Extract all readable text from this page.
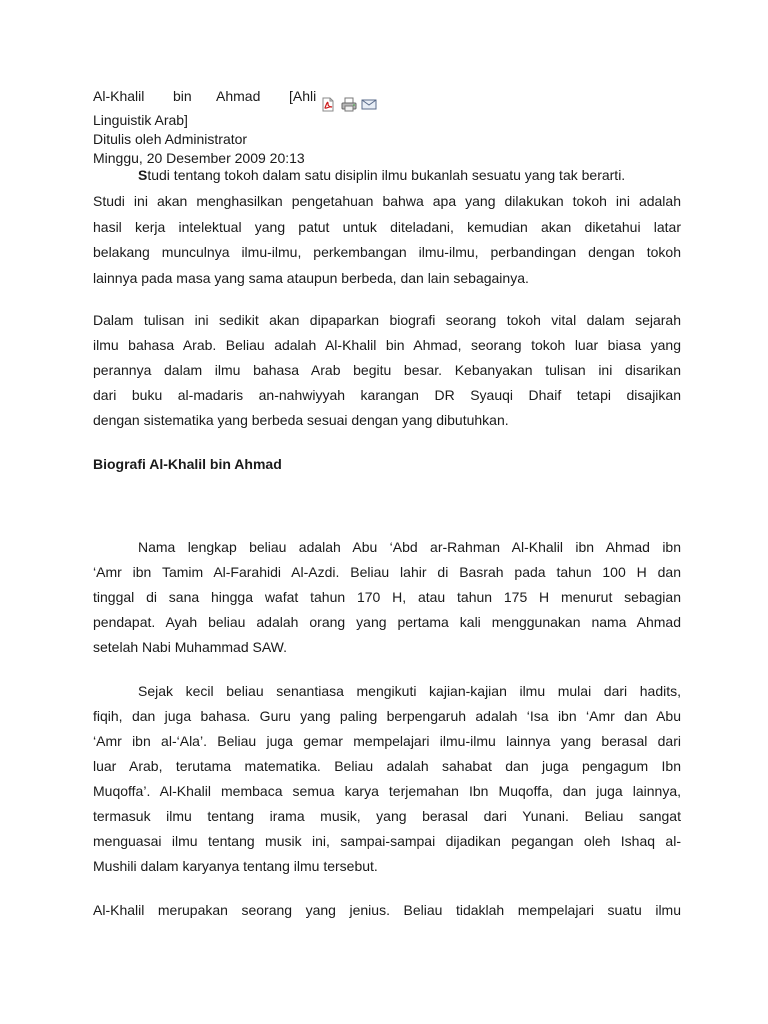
Al-Khalil bin Ahmad [Ahli
Linguistik Arab]
Ditulis oleh Administrator
Minggu, 20 Desember 2009 20:13
Studi tentang tokoh dalam satu disiplin ilmu bukanlah sesuatu yang tak berarti.
Studi ini akan menghasilkan pengetahuan bahwa apa yang dilakukan tokoh ini adalah
hasil kerja intelektual yang patut untuk diteladani, kemudian akan diketahui latar
belakang munculnya ilmu-ilmu, perkembangan ilmu-ilmu, perbandingan dengan tokoh
lainnya pada masa yang sama ataupun berbeda, dan lain sebagainya.
Dalam tulisan ini sedikit akan dipaparkan biografi seorang tokoh vital dalam sejarah
ilmu bahasa Arab. Beliau adalah Al-Khalil bin Ahmad, seorang tokoh luar biasa yang
perannya dalam ilmu bahasa Arab begitu besar. Kebanyakan tulisan ini disarikan
dari buku al-madaris an-nahwiyyah karangan DR Syauqi Dhaif tetapi disajikan
dengan sistematika yang berbeda sesuai dengan yang dibutuhkan.
Biografi Al-Khalil bin Ahmad
Nama lengkap beliau adalah Abu ‘Abd ar-Rahman Al-Khalil ibn Ahmad ibn
‘Amr ibn Tamim Al-Farahidi Al-Azdi. Beliau lahir di Basrah pada tahun 100 H dan
tinggal di sana hingga wafat tahun 170 H, atau tahun 175 H menurut sebagian
pendapat. Ayah beliau adalah orang yang pertama kali menggunakan nama Ahmad
setelah Nabi Muhammad SAW.
Sejak kecil beliau senantiasa mengikuti kajian-kajian ilmu mulai dari hadits,
fiqih, dan juga bahasa. Guru yang paling berpengaruh adalah ‘Isa ibn ‘Amr dan Abu
‘Amr ibn al-‘Ala’. Beliau juga gemar mempelajari ilmu-ilmu lainnya yang berasal dari
luar Arab, terutama matematika. Beliau adalah sahabat dan juga pengagum Ibn
Muqoffa’. Al-Khalil membaca semua karya terjemahan Ibn Muqoffa, dan juga lainnya,
termasuk ilmu tentang irama musik, yang berasal dari Yunani. Beliau sangat
menguasai ilmu tentang musik ini, sampai-sampai dijadikan pegangan oleh Ishaq al-
Mushili dalam karyanya tentang ilmu tersebut.
Al-Khalil merupakan seorang yang jenius. Beliau tidaklah mempelajari suatu ilmu
